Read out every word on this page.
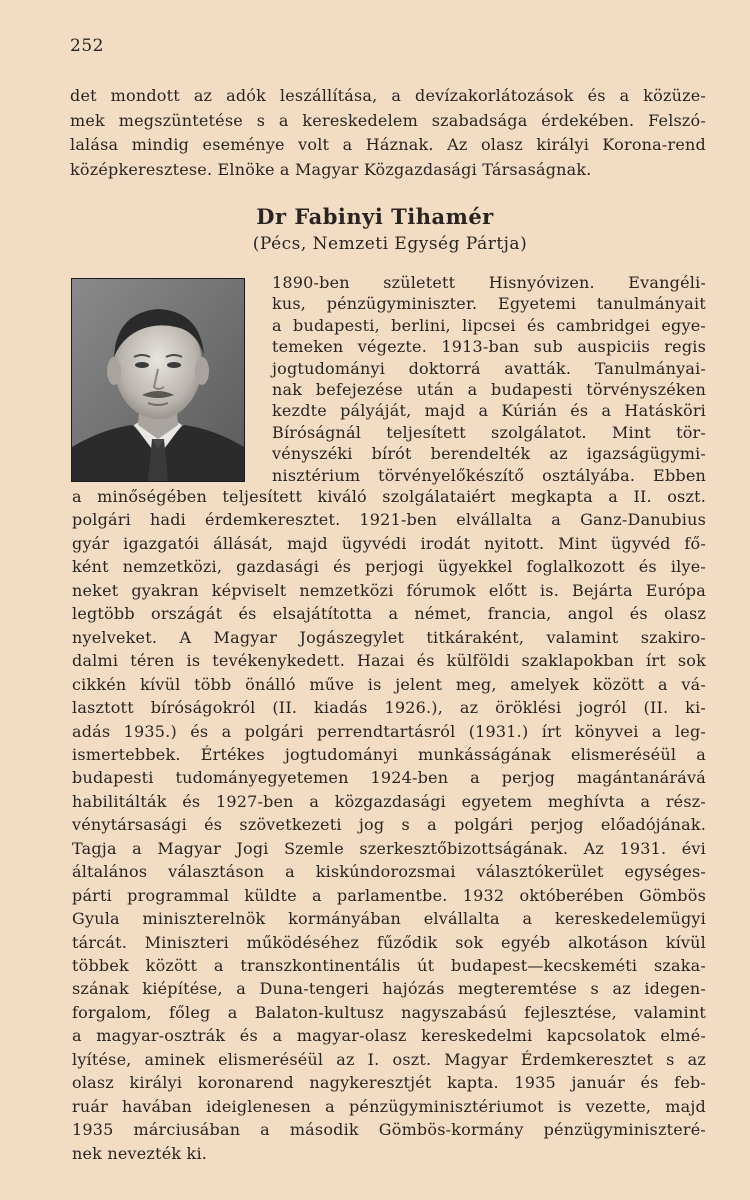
252
det mondott az adók leszállítása, a devízakorlátozások és a közüze-
mek megszüntetése s a kereskedelem szabadsága érdekében. Felszó-
lalása mindig eseménye volt a Háznak. Az olasz királyi Korona-rend
középkeresztese. Elnöke a Magyar Közgazdasági Társaságnak.
Dr Fabinyi Tihamér
(Pécs, Nemzeti Egység Pártja)
1890-ben született Hisnyóvizen. Evangéli-
kus, pénzügyminiszter. Egyetemi tanulmányait
a budapesti, berlini, lipcsei és cambridgei egye-
temeken végezte. 1913-ban sub auspiciis regis
jogtudományi doktorrá avatták. Tanulmányai-
nak befejezése után a budapesti törvényszéken
kezdte pályáját, majd a Kúrián és a Hatásköri
Bíróságnál teljesített szolgálatot. Mint tör-
vényszéki bírót berendelték az igazságügymi-
nisztérium törvényelőkészítő osztályába. Ebben
a minőségében teljesített kiváló szolgálataiért megkapta a II. oszt.
polgári hadi érdemkeresztet. 1921-ben elvállalta a Ganz-Danubius
gyár igazgatói állását, majd ügyvédi irodát nyitott. Mint ügyvéd fő-
ként nemzetközi, gazdasági és perjogi ügyekkel foglalkozott és ilye-
neket gyakran képviselt nemzetközi fórumok előtt is. Bejárta Európa
legtöbb országát és elsajátította a német, francia, angol és olasz
nyelveket. A Magyar Jogászegylet titkáraként, valamint szakiro-
dalmi téren is tevékenykedett. Hazai és külföldi szaklapokban írt sok
cikkén kívül több önálló műve is jelent meg, amelyek között a vá-
lasztott bíróságokról (II. kiadás 1926.), az öröklési jogról (II. ki-
adás 1935.) és a polgári perrendtartásról (1931.) írt könyvei a leg-
ismertebbek. Értékes jogtudományi munkásságának elismeréséül a
budapesti tudományegyetemen 1924-ben a perjog magántanárává
habilitálták és 1927-ben a közgazdasági egyetem meghívta a rész-
vénytársasági és szövetkezeti jog s a polgári perjog előadójának.
Tagja a Magyar Jogi Szemle szerkesztőbizottságának. Az 1931. évi
általános választáson a kiskúndorozsmai választókerület egységes-
párti programmal küldte a parlamentbe. 1932 októberében Gömbös
Gyula miniszterelnök kormányában elvállalta a kereskedelemügyi
tárcát. Miniszteri működéséhez fűződik sok egyéb alkotáson kívül
többek között a transzkontinentális út budapest—kecskeméti szaka-
szának kiépítése, a Duna-tengeri hajózás megteremtése s az idegen-
forgalom, főleg a Balaton-kultusz nagyszabású fejlesztése, valamint
a magyar-osztrák és a magyar-olasz kereskedelmi kapcsolatok elmé-
lyítése, aminek elismeréséül az I. oszt. Magyar Érdemkeresztet s az
olasz királyi koronarend nagykeresztjét kapta. 1935 január és feb-
ruár havában ideiglenesen a pénzügyminisztériumot is vezette, majd
1935 márciusában a második Gömbös-kormány pénzügyminiszteré-
nek nevezték ki.
